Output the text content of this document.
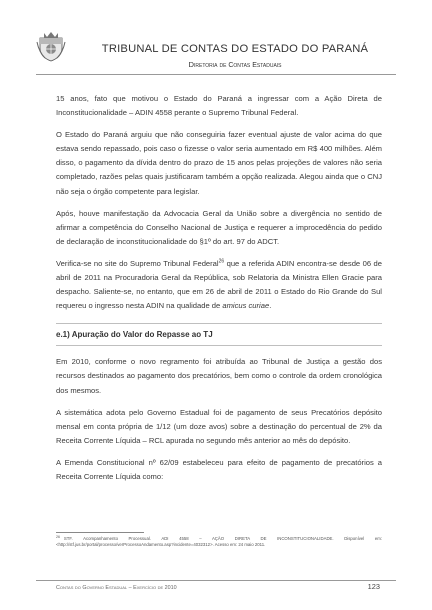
TRIBUNAL DE CONTAS DO ESTADO DO PARANÁ
Diretoria de Contas Estaduais

15 anos, fato que motivou o Estado do Paraná a ingressar com a Ação Direta de Inconstitucionalidade – ADIN 4558 perante o Supremo Tribunal Federal.

O Estado do Paraná arguiu que não conseguiria fazer eventual ajuste de valor acima do que estava sendo repassado, pois caso o fizesse o valor seria aumentado em R$ 400 milhões. Além disso, o pagamento da dívida dentro do prazo de 15 anos pelas projeções de valores não seria completado, razões pelas quais justificaram também a opção realizada. Alegou ainda que o CNJ não seja o órgão competente para legislar.

Após, houve manifestação da Advocacia Geral da União sobre a divergência no sentido de afirmar a competência do Conselho Nacional de Justiça e requerer a improcedência do pedido de declaração de inconstitucionalidade do §1º do art. 97 do ADCT.

Verifica-se no site do Supremo Tribunal Federal$^{26}$ que a referida ADIN encontra-se desde 06 de abril de 2011 na Procuradoria Geral da República, sob Relatoria da Ministra Ellen Gracie para despacho. Saliente-se, no entanto, que em 26 de abril de 2011 o Estado do Rio Grande do Sul requereu o ingresso nesta ADIN na qualidade de amicus curiae.

e.1) Apuração do Valor do Repasse ao TJ

Em 2010, conforme o novo regramento foi atribuída ao Tribunal de Justiça a gestão dos recursos destinados ao pagamento dos precatórios, bem como o controle da ordem cronológica dos mesmos.

A sistemática adota pelo Governo Estadual foi de pagamento de seus Precatórios depósito mensal em conta própria de 1/12 (um doze avos) sobre a destinação do percentual de 2% da Receita Corrente Líquida – RCL apurada no segundo mês anterior ao mês do depósito.

A Emenda Constitucional nº 62/09 estabeleceu para efeito de pagamento de precatórios a Receita Corrente Líquida como:

$^{26}$ STF. Acompanhamento Processual. ADI 4558 – AÇÃO DIRETA DE INCONSTITUCIONALIDADE. Disponível em: <http://stf.jus.br/portal/processo/verProcessoAndamento.asp?incidente=4032312>. Acesso em: 24 maio 2011.
Contas do Governo Estadual – Exercício de 2010	123
